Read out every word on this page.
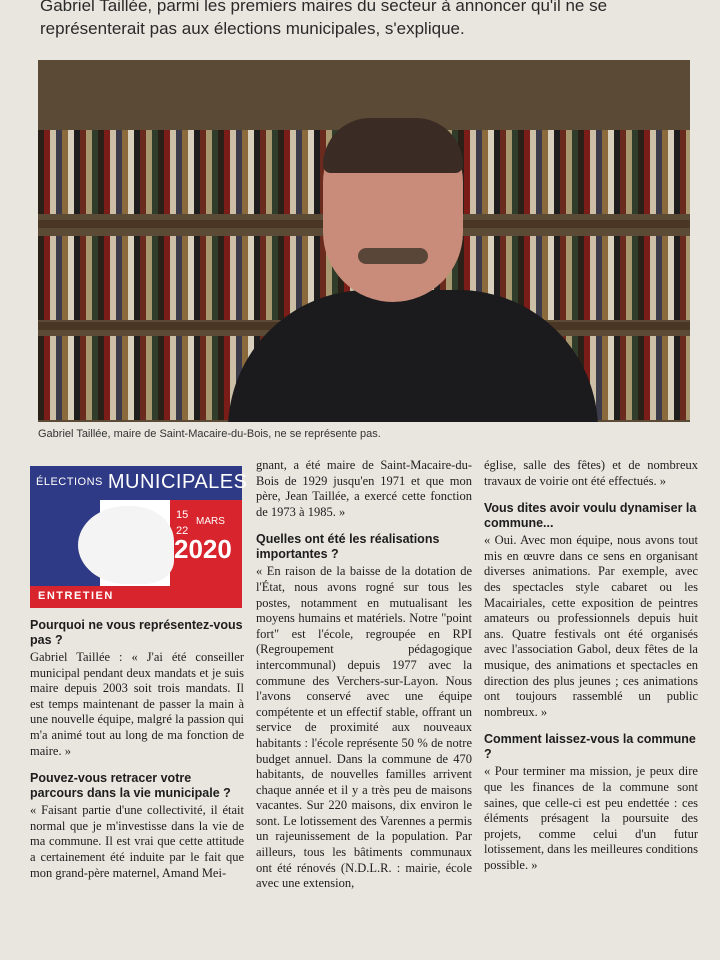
Gabriel Taillée, parmi les premiers maires du secteur à annoncer qu'il ne se représenterait pas aux élections municipales, s'explique.
Gabriel Taillée, maire de Saint-Macaire-du-Bois, ne se représente pas.
ÉLECTIONS MUNICIPALES
15
22
MARS
2020
ENTRETIEN

Pourquoi ne vous représentez-vous pas ?

Gabriel Taillée : « J'ai été conseiller municipal pendant deux mandats et je suis maire depuis 2003 soit trois mandats. Il est temps maintenant de passer la main à une nouvelle équipe, malgré la passion qui m'a animé tout au long de ma fonction de maire. »

Pouvez-vous retracer votre parcours dans la vie municipale ?

« Faisant partie d'une collectivité, il était normal que je m'investisse dans la vie de ma commune. Il est vrai que cette attitude a certainement été induite par le fait que mon grand-père maternel, Amand Mei-

gnant, a été maire de Saint-Macaire-du-Bois de 1929 jusqu'en 1971 et que mon père, Jean Taillée, a exercé cette fonction de 1973 à 1985. »

Quelles ont été les réalisations importantes ?

« En raison de la baisse de la dotation de l'État, nous avons rogné sur tous les postes, notamment en mutualisant les moyens humains et matériels. Notre "point fort" est l'école, regroupée en RPI (Regroupement pédagogique intercommunal) depuis 1977 avec la commune des Verchers-sur-Layon. Nous l'avons conservé avec une équipe compétente et un effectif stable, offrant un service de proximité aux nouveaux habitants : l'école représente 50 % de notre budget annuel. Dans la commune de 470 habitants, de nouvelles familles arrivent chaque année et il y a très peu de maisons vacantes. Sur 220 maisons, dix environ le sont. Le lotissement des Varennes a permis un rajeunissement de la population. Par ailleurs, tous les bâtiments communaux ont été rénovés (N.D.L.R. : mairie, école avec une extension,

église, salle des fêtes) et de nombreux travaux de voirie ont été effectués. »

Vous dites avoir voulu dynamiser la commune...

« Oui. Avec mon équipe, nous avons tout mis en œuvre dans ce sens en organisant diverses animations. Par exemple, avec des spectacles style cabaret ou les Macairiales, cette exposition de peintres amateurs ou professionnels depuis huit ans. Quatre festivals ont été organisés avec l'association Gabol, deux fêtes de la musique, des animations et spectacles en direction des plus jeunes ; ces animations ont toujours rassemblé un public nombreux. »

Comment laissez-vous la commune ?

« Pour terminer ma mission, je peux dire que les finances de la commune sont saines, que celle-ci est peu endettée : ces éléments présagent la poursuite des projets, comme celui d'un futur lotissement, dans les meilleures conditions possible. »
